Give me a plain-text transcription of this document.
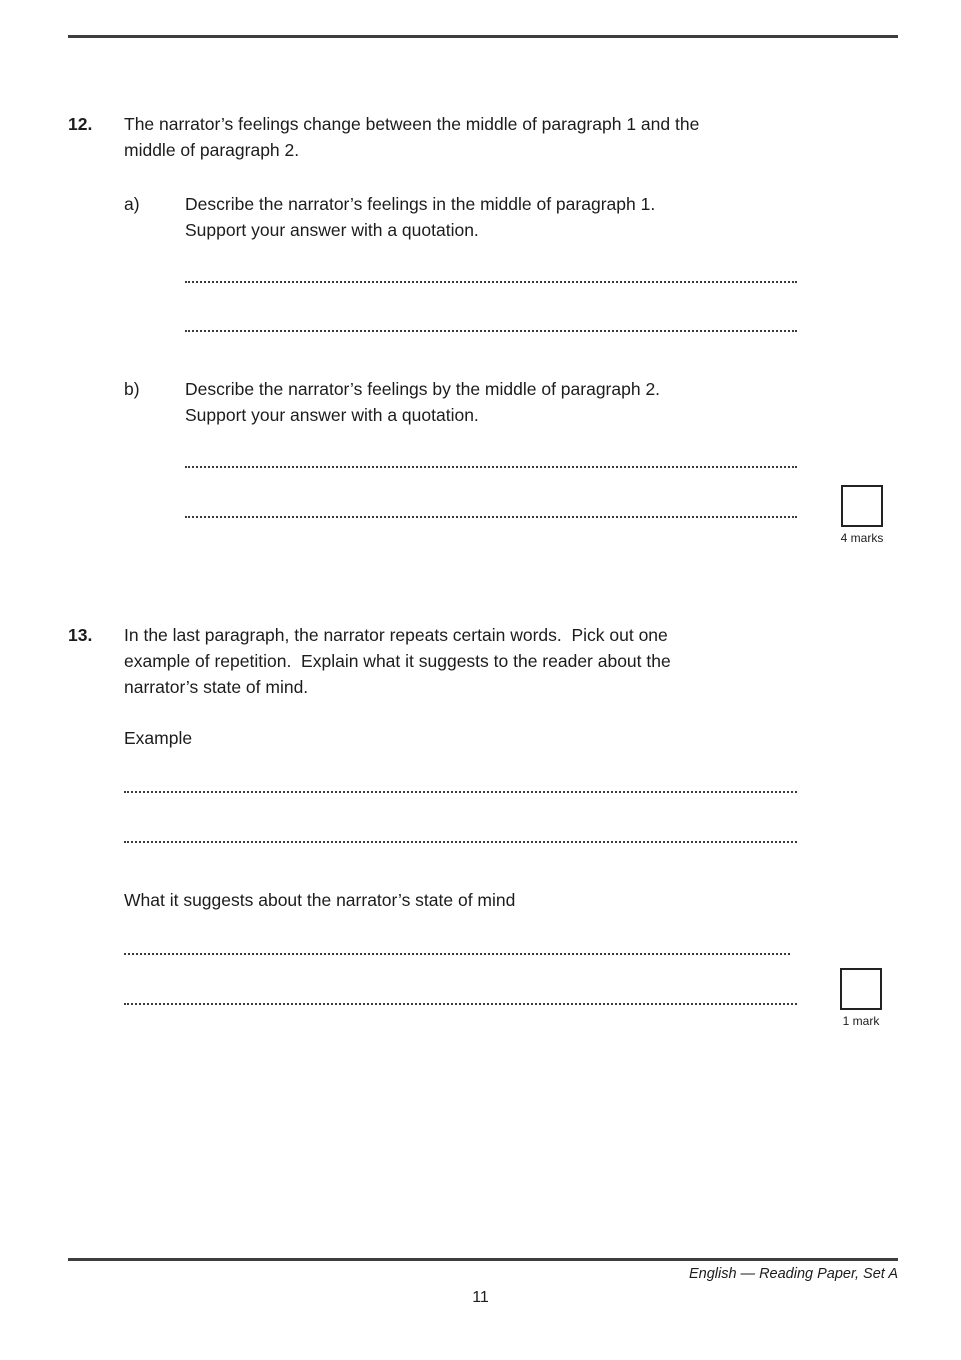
12.	The narrator’s feelings change between the middle of paragraph 1 and the
middle of paragraph 2.
a)	Describe the narrator’s feelings in the middle of paragraph 1.
Support your answer with a quotation.
b)	Describe the narrator’s feelings by the middle of paragraph 2.
Support your answer with a quotation.
4 marks
13.	In the last paragraph, the narrator repeats certain words.  Pick out one
example of repetition.  Explain what it suggests to the reader about the
narrator’s state of mind.
Example
What it suggests about the narrator’s state of mind
1 mark
English — Reading Paper, Set A
11
